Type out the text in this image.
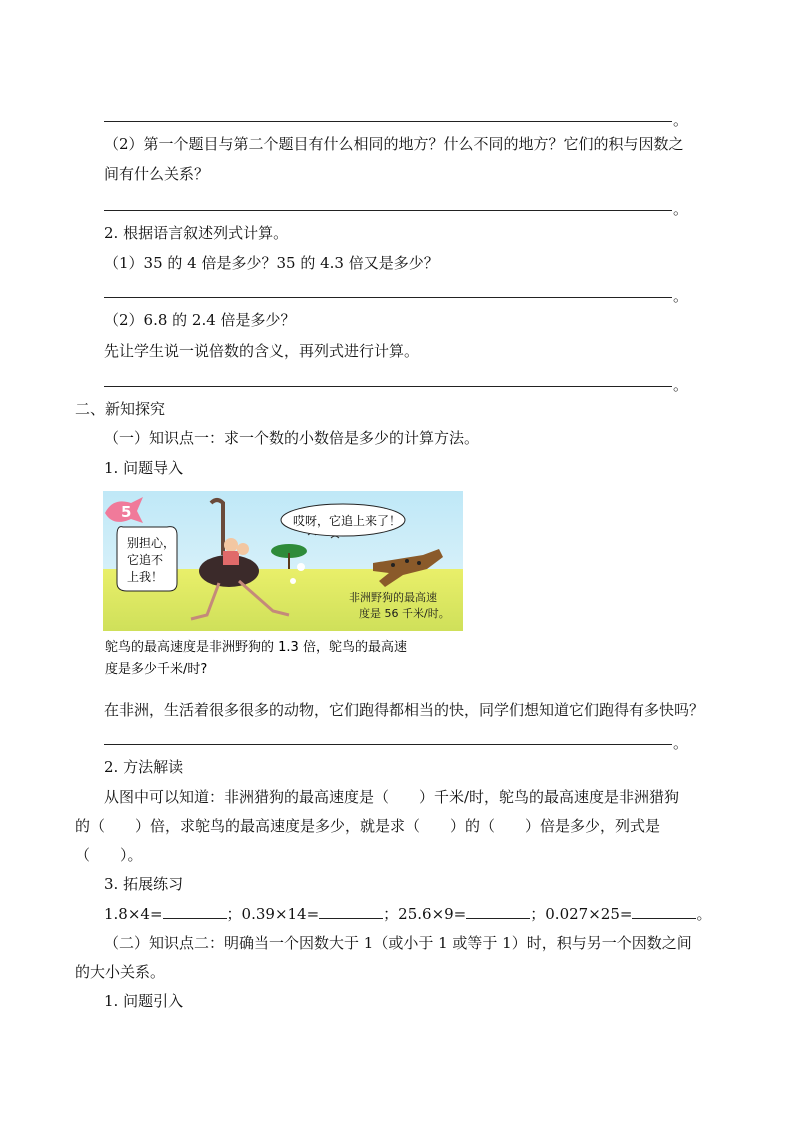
。
（2）第一个题目与第二个题目有什么相同的地方？什么不同的地方？它们的积与因数之
间有什么关系？
。
2. 根据语言叙述列式计算。
（1）35 的 4 倍是多少？35 的 4.3 倍又是多少？
。
（2）6.8 的 2.4 倍是多少？
先让学生说一说倍数的含义，再列式进行计算。
。
二、新知探究
（一）知识点一：求一个数的小数倍是多少的计算方法。
1. 问题导入
5
别担心，
它追不
上我！
哎呀，它追上来了！
非洲野狗的最高速
度是 56 千米/时。
鸵鸟的最高速度是非洲野狗的 1.3 倍，鸵鸟的最高速
度是多少千米/时?
在非洲，生活着很多很多的动物，它们跑得都相当的快，同学们想知道它们跑得有多快吗？
。
2. 方法解读
从图中可以知道：非洲猎狗的最高速度是（　　）千米/时，鸵鸟的最高速度是非洲猎狗
的（　　）倍，求鸵鸟的最高速度是多少，就是求（　　）的（　　）倍是多少，列式是
（　　）。
3. 拓展练习
1.8×4=	；0.39×14=	；25.6×9=	；0.027×25=	。
（二）知识点二：明确当一个因数大于 1（或小于 1 或等于 1）时，积与另一个因数之间
的大小关系。
1. 问题引入
